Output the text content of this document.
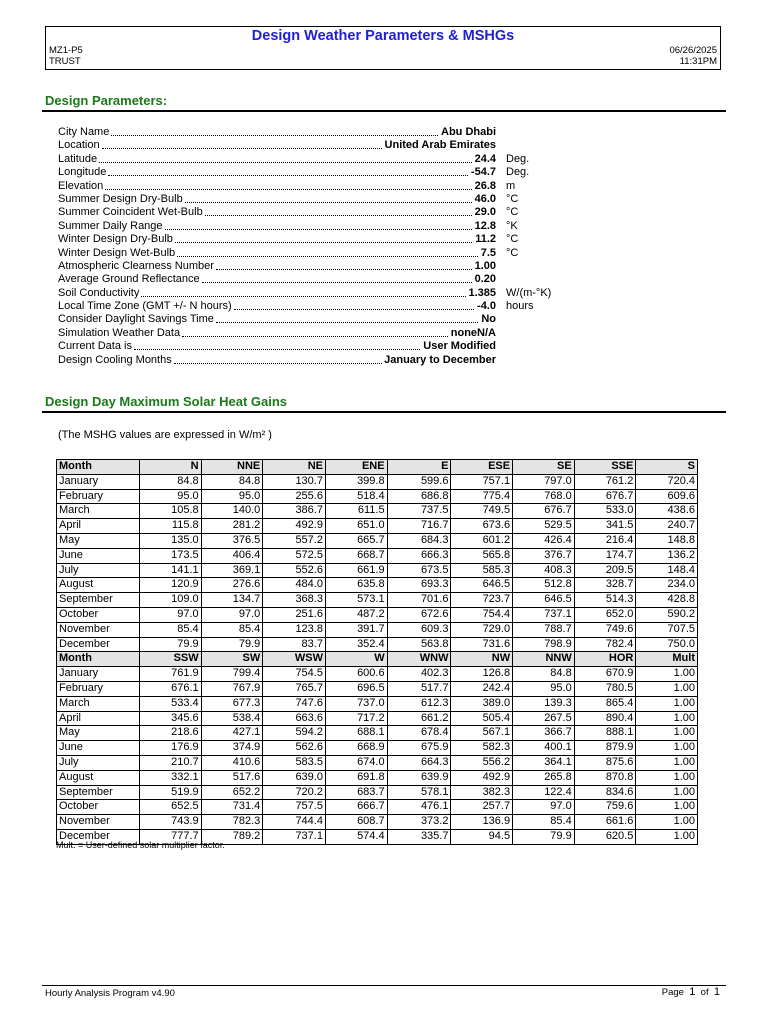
Design Weather Parameters & MSHGs
MZ1-P5
TRUST
06/26/2025
11:31PM
Design Parameters:
City Name	Abu Dhabi
Location	United Arab Emirates
Latitude	24.4 Deg.
Longitude	-54.7 Deg.
Elevation	26.8 m
Summer Design Dry-Bulb	46.0 °C
Summer Coincident Wet-Bulb	29.0 °C
Summer Daily Range	12.8 °K
Winter Design Dry-Bulb	11.2 °C
Winter Design Wet-Bulb	7.5 °C
Atmospheric Clearness Number	1.00
Average Ground Reflectance	0.20
Soil Conductivity	1.385 W/(m-°K)
Local Time Zone (GMT +/- N hours)	-4.0 hours
Consider Daylight Savings Time	No
Simulation Weather Data	noneN/A
Current Data is	User Modified
Design Cooling Months	January to December
Design Day Maximum Solar Heat Gains
(The MSHG values are expressed in W/m² )
Month	N	NNE	NE	ENE	E	ESE	SE	SSE	S
January	84.8	84.8	130.7	399.8	599.6	757.1	797.0	761.2	720.4
February	95.0	95.0	255.6	518.4	686.8	775.4	768.0	676.7	609.6
March	105.8	140.0	386.7	611.5	737.5	749.5	676.7	533.0	438.6
April	115.8	281.2	492.9	651.0	716.7	673.6	529.5	341.5	240.7
May	135.0	376.5	557.2	665.7	684.3	601.2	426.4	216.4	148.8
June	173.5	406.4	572.5	668.7	666.3	565.8	376.7	174.7	136.2
July	141.1	369.1	552.6	661.9	673.5	585.3	408.3	209.5	148.4
August	120.9	276.6	484.0	635.8	693.3	646.5	512.8	328.7	234.0
September	109.0	134.7	368.3	573.1	701.6	723.7	646.5	514.3	428.8
October	97.0	97.0	251.6	487.2	672.6	754.4	737.1	652.0	590.2
November	85.4	85.4	123.8	391.7	609.3	729.0	788.7	749.6	707.5
December	79.9	79.9	83.7	352.4	563.8	731.6	798.9	782.4	750.0
Month	SSW	SW	WSW	W	WNW	NW	NNW	HOR	Mult
January	761.9	799.4	754.5	600.6	402.3	126.8	84.8	670.9	1.00
February	676.1	767.9	765.7	696.5	517.7	242.4	95.0	780.5	1.00
March	533.4	677.3	747.6	737.0	612.3	389.0	139.3	865.4	1.00
April	345.6	538.4	663.6	717.2	661.2	505.4	267.5	890.4	1.00
May	218.6	427.1	594.2	688.1	678.4	567.1	366.7	888.1	1.00
June	176.9	374.9	562.6	668.9	675.9	582.3	400.1	879.9	1.00
July	210.7	410.6	583.5	674.0	664.3	556.2	364.1	875.6	1.00
August	332.1	517.6	639.0	691.8	639.9	492.9	265.8	870.8	1.00
September	519.9	652.2	720.2	683.7	578.1	382.3	122.4	834.6	1.00
October	652.5	731.4	757.5	666.7	476.1	257.7	97.0	759.6	1.00
November	743.9	782.3	744.4	608.7	373.2	136.9	85.4	661.6	1.00
December	777.7	789.2	737.1	574.4	335.7	94.5	79.9	620.5	1.00
Mult. = User-defined solar multiplier factor.
Hourly Analysis Program v4.90	Page 1 of 1
